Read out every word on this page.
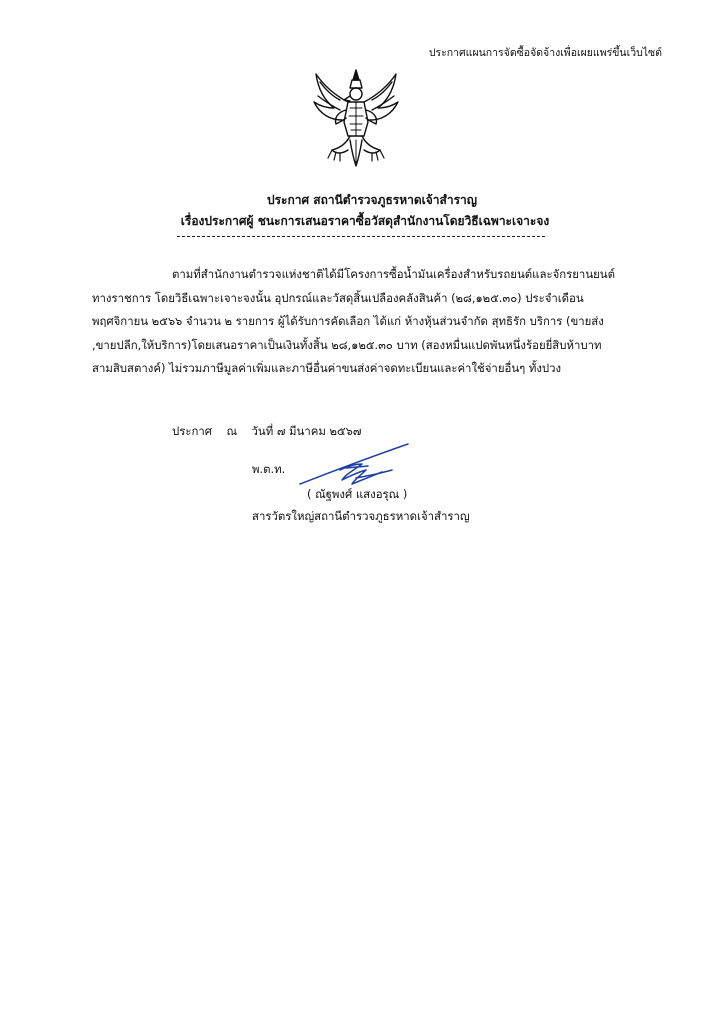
ประกาศแผนการจัดซื้อจัดจ้างเพื่อเผยแพร่ขึ้นเว็บไซต์
ประกาศ สถานีตำรวจภูธรหาดเจ้าสำราญ
เรื่องประกาศผู้ ชนะการเสนอราคาซื้อวัสดุสำนักงานโดยวิธีเฉพาะเจาะจง
ตามที่สำนักงานตำรวจแห่งชาติได้มีโครงการซื้อน้ำมันเครื่องสำหรับรถยนต์และจักรยานยนต์
ทางราชการ โดยวิธีเฉพาะเจาะจงนั้น อุปกรณ์และวัสดุสิ้นเปลืองคลังสินค้า (๒๘,๑๒๕.๓๐) ประจำเดือน
พฤศจิกายน ๒๕๖๖ จำนวน ๒ รายการ ผู้ได้รับการคัดเลือก ได้แก่ ห้างหุ้นส่วนจำกัด สุทธิรัก บริการ (ขายส่ง
,ขายปลีก,ให้บริการ)โดยเสนอราคาเป็นเงินทั้งสิ้น ๒๘,๑๒๕.๓๐ บาท (สองหมื่นแปดพันหนึ่งร้อยยี่สิบห้าบาท
สามสิบสตางค์) ไม่รวมภาษีมูลค่าเพิ่มและภาษีอื่นค่าขนส่งค่าจดทะเบียนและค่าใช้จ่ายอื่นๆ ทั้งปวง
ประกาศ    ณ    วันที่ ๗ มีนาคม ๒๕๖๗
พ.ต.ท.
( ณัฐพงศ์ แสงอรุณ )
สารวัตรใหญ่สถานีตำรวจภูธรหาดเจ้าสำราญ
